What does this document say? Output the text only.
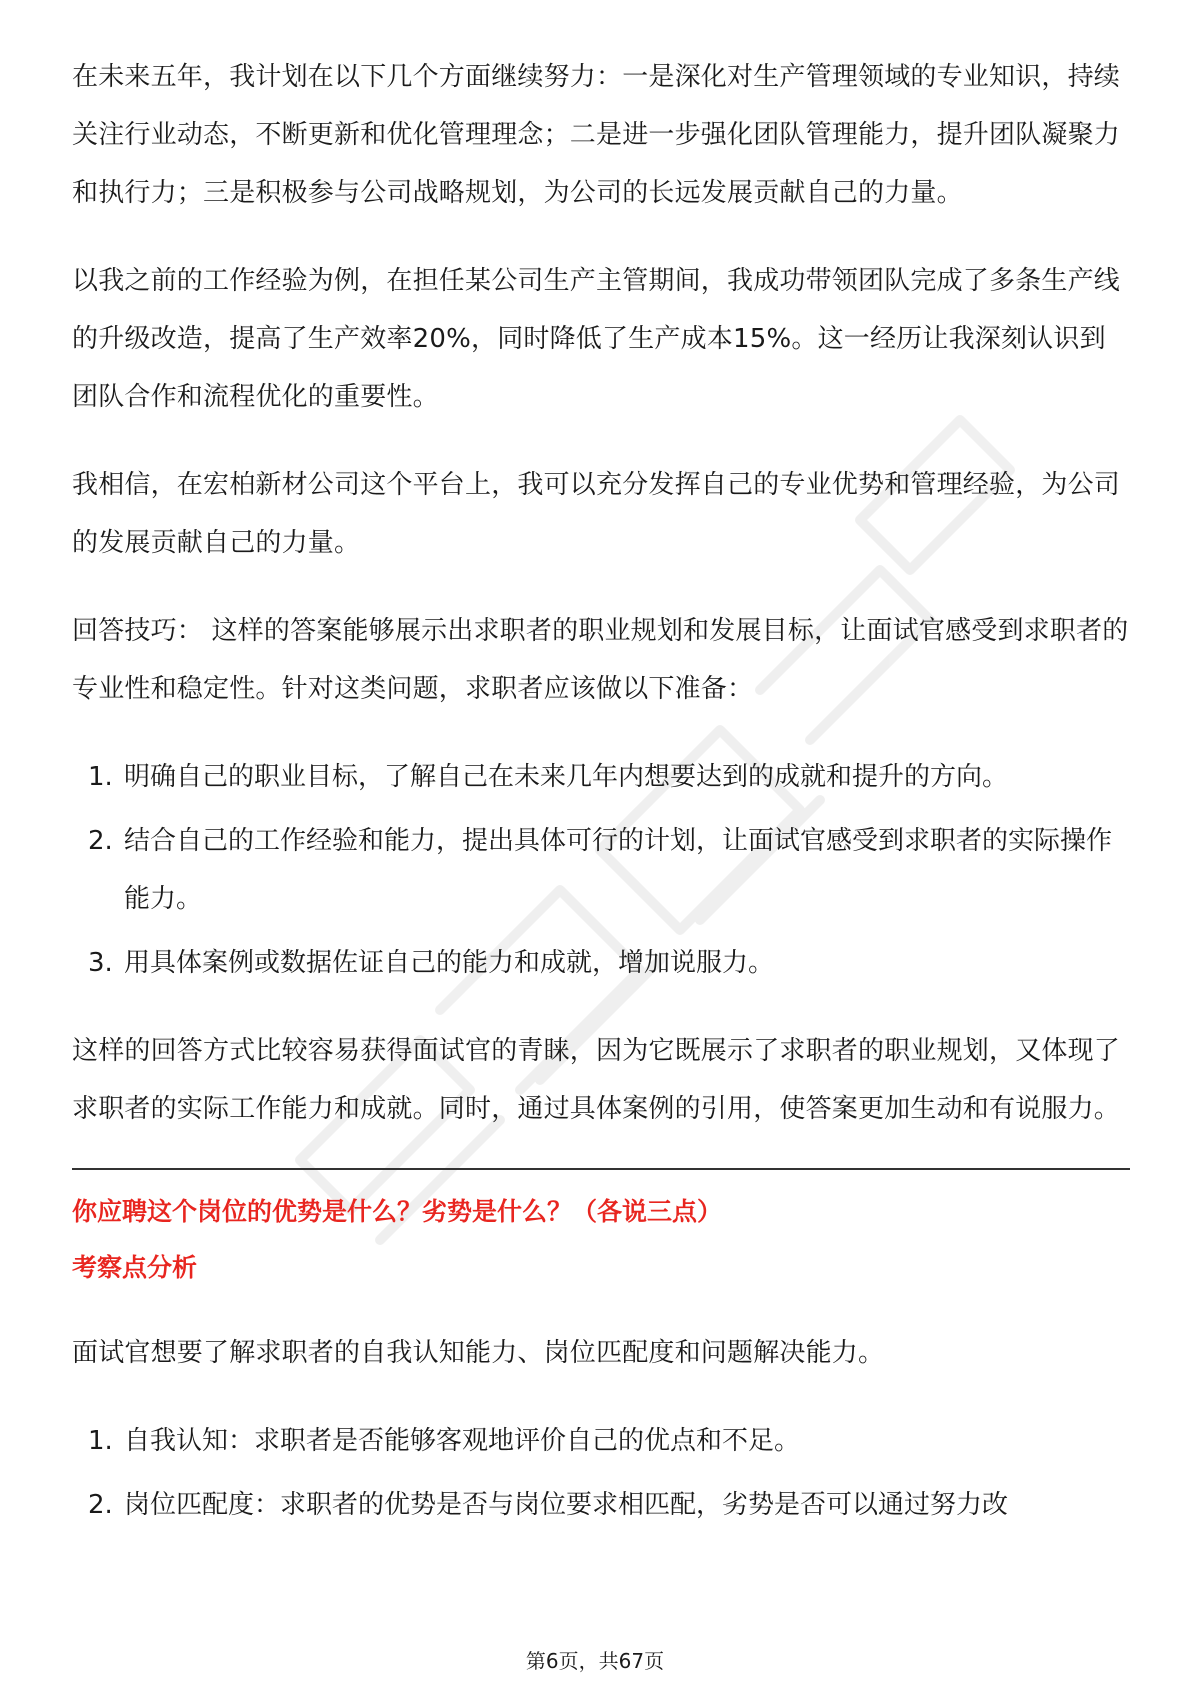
在未来五年，我计划在以下几个方面继续努力：一是深化对生产管理领域的专业知识，持续关注行业动态，不断更新和优化管理理念；二是进一步强化团队管理能力，提升团队凝聚力和执行力；三是积极参与公司战略规划，为公司的长远发展贡献自己的力量。

以我之前的工作经验为例，在担任某公司生产主管期间，我成功带领团队完成了多条生产线的升级改造，提高了生产效率20%，同时降低了生产成本15%。这一经历让我深刻认识到团队合作和流程优化的重要性。

我相信，在宏柏新材公司这个平台上，我可以充分发挥自己的专业优势和管理经验，为公司的发展贡献自己的力量。

回答技巧： 这样的答案能够展示出求职者的职业规划和发展目标，让面试官感受到求职者的专业性和稳定性。针对这类问题，求职者应该做以下准备：

1. 明确自己的职业目标，了解自己在未来几年内想要达到的成就和提升的方向。
2. 结合自己的工作经验和能力，提出具体可行的计划，让面试官感受到求职者的实际操作能力。
3. 用具体案例或数据佐证自己的能力和成就，增加说服力。

这样的回答方式比较容易获得面试官的青睐，因为它既展示了求职者的职业规划，又体现了求职者的实际工作能力和成就。同时，通过具体案例的引用，使答案更加生动和有说服力。

你应聘这个岗位的优势是什么？劣势是什么？（各说三点）

考察点分析

面试官想要了解求职者的自我认知能力、岗位匹配度和问题解决能力。

1. 自我认知：求职者是否能够客观地评价自己的优点和不足。
2. 岗位匹配度：求职者的优势是否与岗位要求相匹配，劣势是否可以通过努力改
第6页，共67页
